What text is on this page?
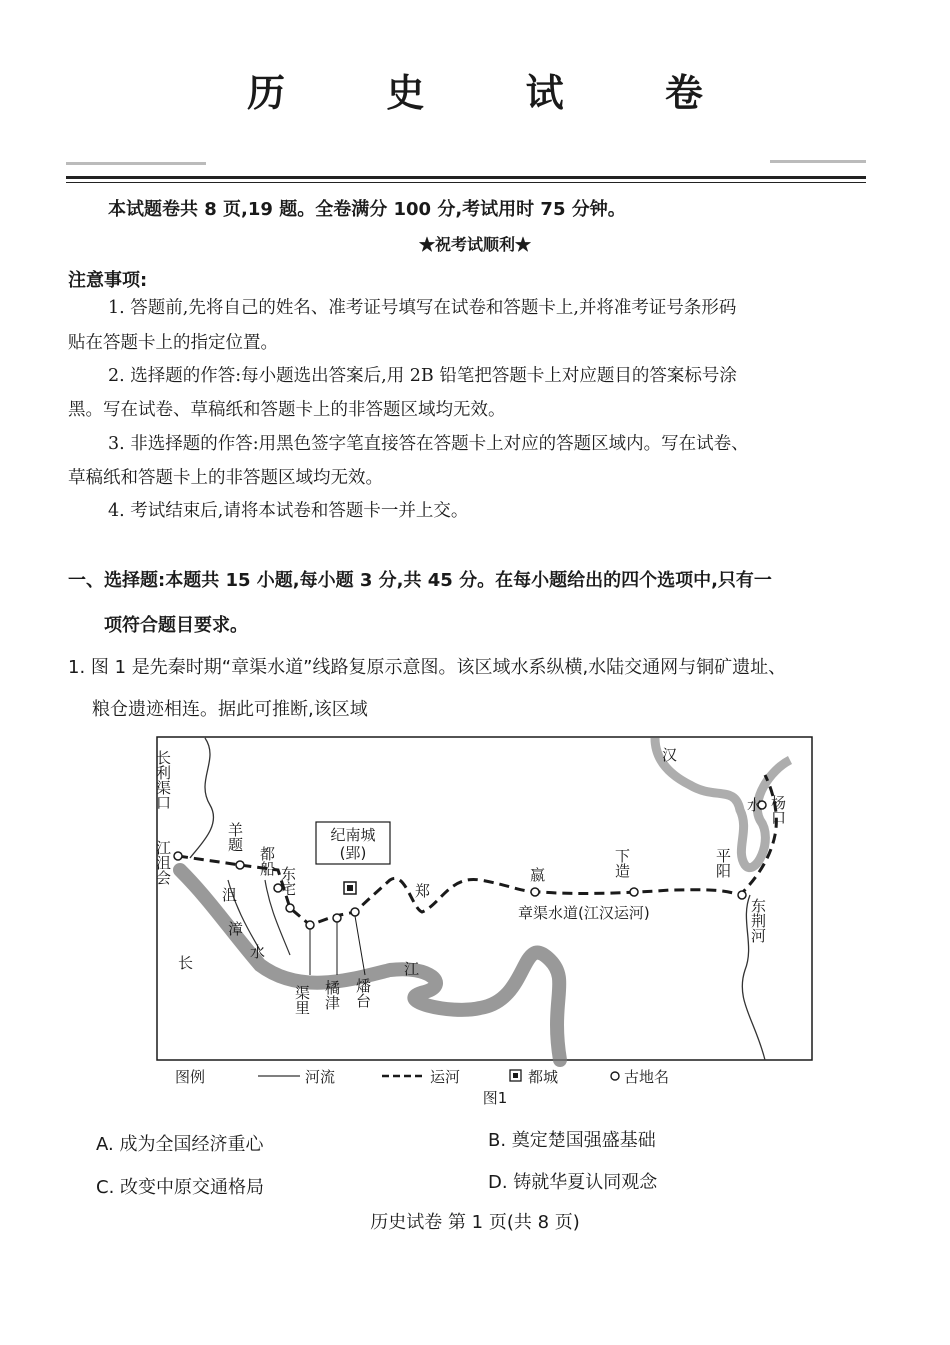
历 史 试 卷
本试题卷共 8 页,19 题。全卷满分 100 分,考试用时 75 分钟。
★祝考试顺利★
注意事项:
1. 答题前,先将自己的姓名、准考证号填写在试卷和答题卡上,并将准考证号条形码
贴在答题卡上的指定位置。
2. 选择题的作答:每小题选出答案后,用 2B 铅笔把答题卡上对应题目的答案标号涂
黑。写在试卷、草稿纸和答题卡上的非答题区域均无效。
3. 非选择题的作答:用黑色签字笔直接答在答题卡上对应的答题区域内。写在试卷、
草稿纸和答题卡上的非答题区域均无效。
4. 考试结束后,请将本试卷和答题卡一并上交。
一、选择题:本题共 15 小题,每小题 3 分,共 45 分。在每小题给出的四个选项中,只有一
项符合题目要求。
1. 图 1 是先秦时期“章渠水道”线路复原示意图。该区域水系纵横,水陆交通网与铜矿遗址、
粮仓遗迹相连。据此可推断,该区域
纪南城
(郢)
长利渠口
江沮会
羊题
都船
东宅
渠里 橘津 燔台
下造	平阳
杨口
东荆河
沮
漳
水
郑
嬴
章渠水道(江汉运河)
汉
水
长	江
图例	河流	运河	都城	古地名
图1
A. 成为全国经济重心	B. 奠定楚国强盛基础
C. 改变中原交通格局	D. 铸就华夏认同观念
历史试卷 第 1 页(共 8 页)
